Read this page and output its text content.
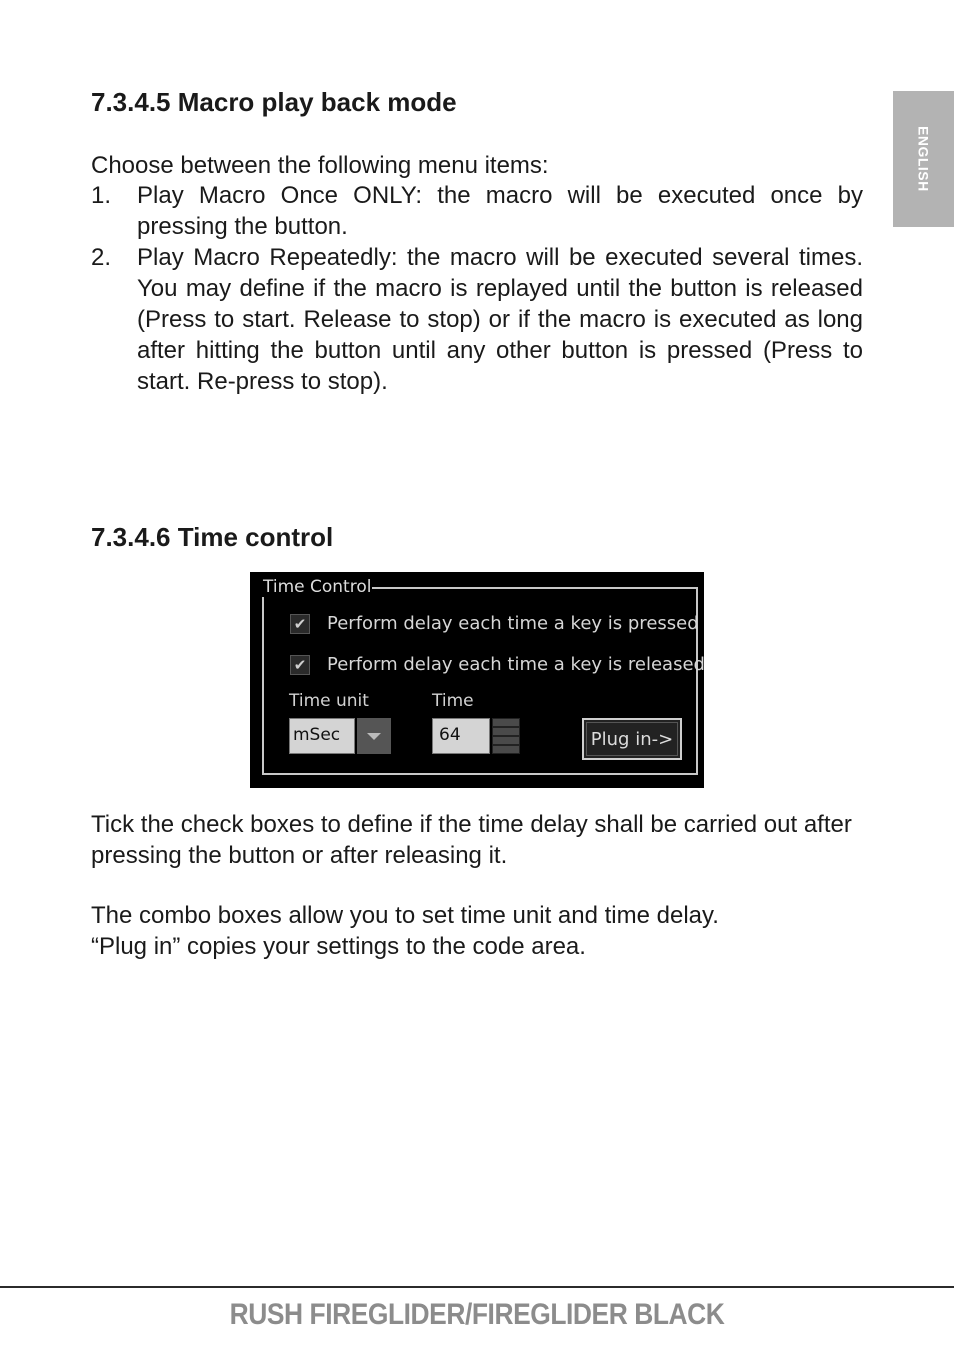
ENGLISH
7.3.4.5 Macro play back mode

Choose between the following menu items:

1.	Play Macro Once ONLY: the macro will be executed once by pressing the button.
2.	Play Macro Repeatedly: the macro will be executed several times. You may define if the macro is replayed until the button is released (Press to start. Release to stop) or if the macro is executed as long after hitting the button until any other button is pressed (Press to start. Re-press to stop).
7.3.4.6 Time control
Time Control
✔ Perform delay each time a key is pressed
✔ Perform delay each time a key is released
Time unit	Time
mSec	64	Plug in->

Tick the check boxes to define if the time delay shall be carried out after pressing the button or after releasing it.

The combo boxes allow you to set time unit and time delay.

“Plug in” copies your settings to the code area.

RUSH FIREGLIDER/FIREGLIDER BLACK
